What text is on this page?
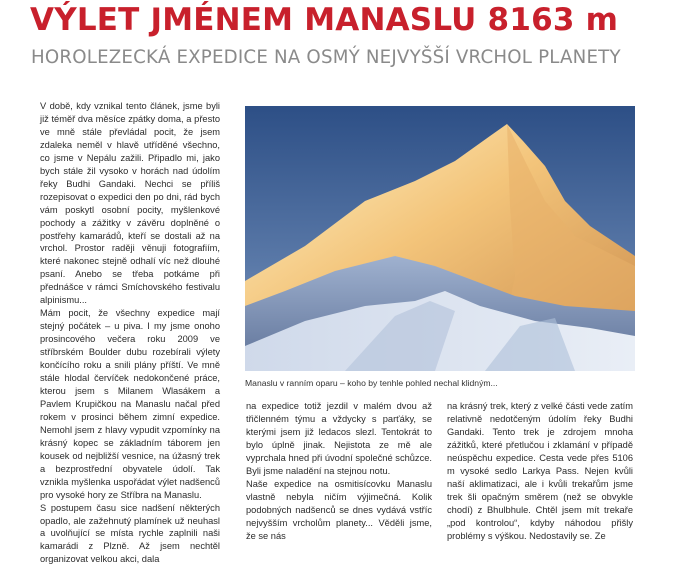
VÝLET JMÉNEM MANASLU 8163 m
HOROLEZECKÁ EXPEDICE NA OSMÝ NEJVYŠŠÍ VRCHOL PLANETY

V době, kdy vznikal tento článek, jsme byli již téměř dva měsíce zpátky doma, a přesto ve mně stále převládal pocit, že jsem zdaleka neměl v hlavě utříděné všechno, co jsme v Nepálu zažili. Připadlo mi, jako bych stále žil vysoko v horách nad údolím řeky Budhi Gandaki. Nechci se příliš rozepisovat o expedici den po dni, rád bych vám poskytl osobní pocity, myšlenkové pochody a zážitky v závěru doplněné o postřehy kamarádů, kteří se dostali až na vrchol. Prostor raději věnuji fotografiím, které nakonec stejně odhalí víc než dlouhé psaní. Anebo se třeba potkáme při přednášce v rámci Smíchovského festivalu alpinismu...

Mám pocit, že všechny expedice mají stejný počátek – u piva. I my jsme onoho prosincového večera roku 2009 ve stříbrském Boulder dubu rozebírali výlety končícího roku a snili plány příští. Ve mně stále hlodal červíček nedokončené práce, kterou jsem s Milanem Wlasákem a Pavlem Krupičkou na Manaslu načal před rokem v prosinci během zimní expedice. Nemohl jsem z hlavy vypudit vzpomínky na krásný kopec se základním táborem jen kousek od nejbližší vesnice, na úžasný trek a bezprostřední obyvatele údolí. Tak vznikla myšlenka uspořádat výlet nadšenců pro vysoké hory ze Stříbra na Manaslu.

S postupem času sice nadšení některých opadlo, ale zažehnutý plamínek už neuhasl a uvolňující se místa rychle zaplnili naši kamarádi z Plzně. Až jsem nechtěl organizovat velkou akci, dala

Manaslu v ranním oparu – koho by tenhle pohled nechal klidným...

na expedice totiž jezdil v malém dvou až třičlenném týmu a vždycky s parťáky, se kterými jsem již ledacos slezl. Tentokrát to bylo úplně jinak. Nejistota ze mě ale vyprchala hned při úvodní společné schůzce. Byli jsme naladění na stejnou notu.

Naše expedice na osmitisícovku Manaslu vlastně nebyla ničím výjimečná. Kolik podobných nadšenců se dnes vydává vstříc nejvyšším vrcholům planety... Věděli jsme, že se nás

na krásný trek, který z velké části vede zatím relativně nedotčeným údolím řeky Budhi Gandaki. Tento trek je zdrojem mnoha zážitků, které přetlučou i zklamání v případě neúspěchu expedice. Cesta vede přes 5106 m vysoké sedlo Larkya Pass. Nejen kvůli naší aklimatizaci, ale i kvůli trekařům jsme trek šli opačným směrem (než se obvykle chodí) z Bhulbhule. Chtěl jsem mít trekaře „pod kontrolou“, kdyby náhodou přišly problémy s výškou. Nedostavily se. Ze
